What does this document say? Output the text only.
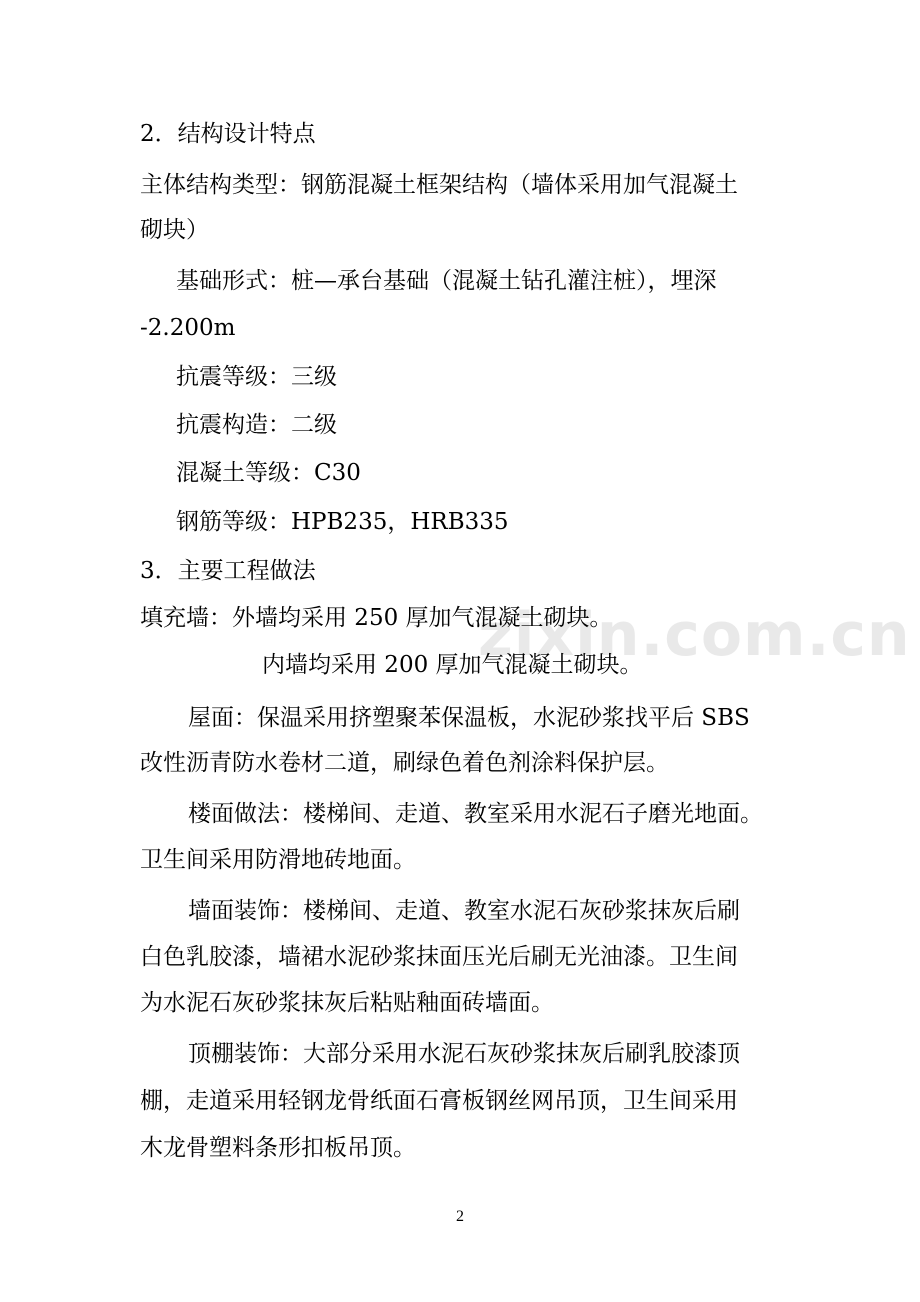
zixin.com.cn
2．结构设计特点
主体结构类型：钢筋混凝土框架结构（墙体采用加气混凝土
砌块）
基础形式：桩—承台基础（混凝土钻孔灌注桩），埋深
-2.200m
抗震等级：三级
抗震构造：二级
混凝土等级：C30
钢筋等级：HPB235，HRB335
3．主要工程做法
填充墙：外墙均采用 250 厚加气混凝土砌块。
内墙均采用 200 厚加气混凝土砌块。
屋面：保温采用挤塑聚苯保温板，水泥砂浆找平后 SBS
改性沥青防水卷材二道，刷绿色着色剂涂料保护层。
楼面做法：楼梯间、走道、教室采用水泥石子磨光地面。
卫生间采用防滑地砖地面。
墙面装饰：楼梯间、走道、教室水泥石灰砂浆抹灰后刷
白色乳胶漆，墙裙水泥砂浆抹面压光后刷无光油漆。卫生间
为水泥石灰砂浆抹灰后粘贴釉面砖墙面。
顶棚装饰：大部分采用水泥石灰砂浆抹灰后刷乳胶漆顶
棚，走道采用轻钢龙骨纸面石膏板钢丝网吊顶，卫生间采用
木龙骨塑料条形扣板吊顶。
2
